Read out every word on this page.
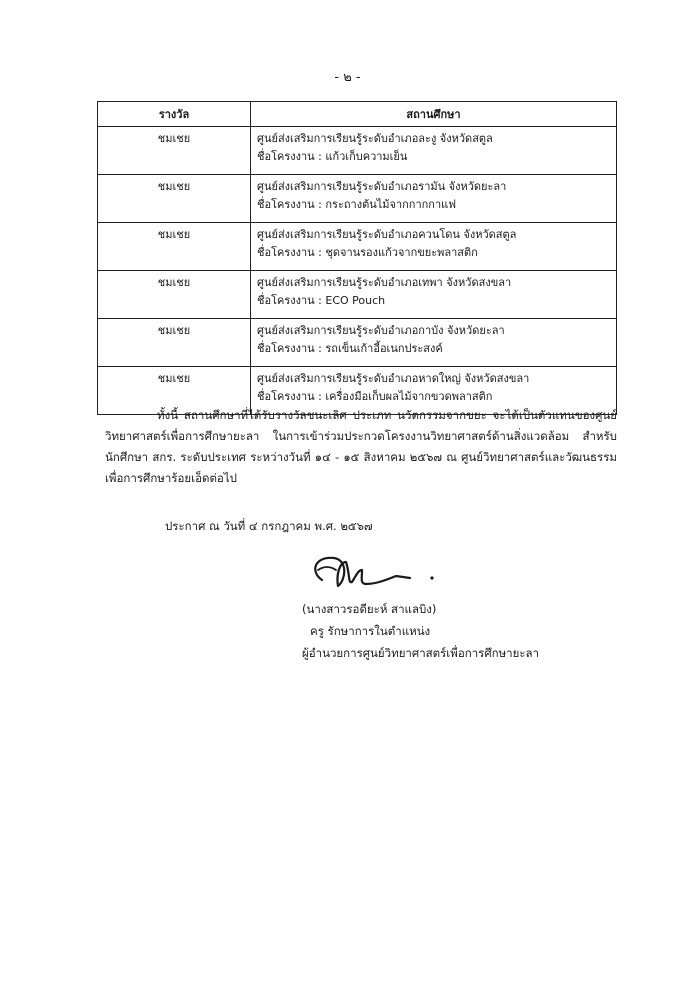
- ๒ -
รางวัล	สถานศึกษา
ชมเชย	ศูนย์ส่งเสริมการเรียนรู้ระดับอำเภอละงู จังหวัดสตูล
ชื่อโครงงาน : แก้วเก็บความเย็น

ชมเชย	ศูนย์ส่งเสริมการเรียนรู้ระดับอำเภอรามัน จังหวัดยะลา
ชื่อโครงงาน : กระถางต้นไม้จากกากกาแฟ

ชมเชย	ศูนย์ส่งเสริมการเรียนรู้ระดับอำเภอควนโดน จังหวัดสตูล
ชื่อโครงงาน : ชุดจานรองแก้วจากขยะพลาสติก

ชมเชย	ศูนย์ส่งเสริมการเรียนรู้ระดับอำเภอเทพา จังหวัดสงขลา
ชื่อโครงงาน : ECO Pouch

ชมเชย	ศูนย์ส่งเสริมการเรียนรู้ระดับอำเภอกาบัง จังหวัดยะลา
ชื่อโครงงาน : รถเข็นเก้าอี้อเนกประสงค์

ชมเชย	ศูนย์ส่งเสริมการเรียนรู้ระดับอำเภอหาดใหญ่ จังหวัดสงขลา
ชื่อโครงงาน : เครื่องมือเก็บผลไม้จากขวดพลาสติก

ทั้งนี้ สถานศึกษาที่ได้รับรางวัลชนะเลิศ ประเภท นวัตกรรมจากขยะ จะได้เป็นตัวแทนของศูนย์วิทยาศาสตร์เพื่อการศึกษายะลา ในการเข้าร่วมประกวดโครงงานวิทยาศาสตร์ด้านสิ่งแวดล้อม สำหรับนักศึกษา สกร. ระดับประเทศ ระหว่างวันที่ ๑๔ - ๑๕ สิงหาคม ๒๕๖๗ ณ ศูนย์วิทยาศาสตร์และวัฒนธรรมเพื่อการศึกษาร้อยเอ็ดต่อไป

ประกาศ ณ วันที่ ๔ กรกฎาคม พ.ศ. ๒๕๖๗
(นางสาวรอดียะห์ สาแลบิง)
ครู รักษาการในตำแหน่ง
ผู้อำนวยการศูนย์วิทยาศาสตร์เพื่อการศึกษายะลา
